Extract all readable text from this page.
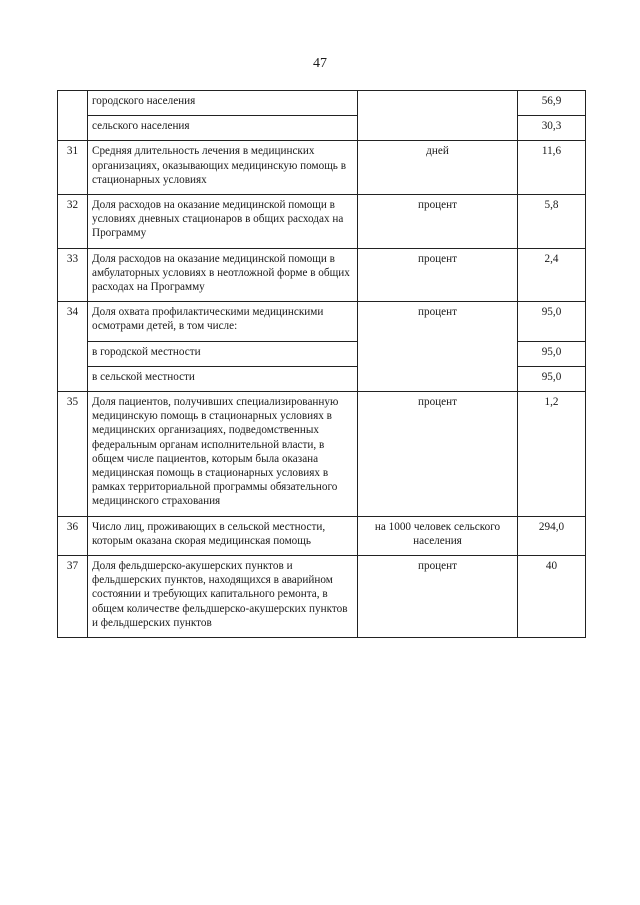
47
	городского населения		56,9
	сельского населения		30,3
31	Средняя длительность лечения в медицинских организациях, оказывающих медицинскую помощь в стационарных условиях	дней	11,6
32	Доля расходов на оказание медицинской помощи в условиях дневных стационаров в общих расходах на Программу	процент	5,8
33	Доля расходов на оказание медицинской помощи в амбулаторных условиях в неотложной форме в общих расходах на Программу	процент	2,4
34	Доля охвата профилактическими медицинскими осмотрами детей, в том числе:	процент	95,0
	в городской местности		95,0
	в сельской местности		95,0
35	Доля пациентов, получивших специализированную медицинскую помощь в стационарных условиях в медицинских организациях, подведомственных федеральным органам исполнительной власти, в общем числе пациентов, которым была оказана медицинская помощь в стационарных условиях в рамках территориальной программы обязательного медицинского страхования	процент	1,2
36	Число лиц, проживающих в сельской местности, которым оказана скорая медицинская помощь	на 1000 человек сельского населения	294,0
37	Доля фельдшерско-акушерских пунктов и фельдшерских пунктов, находящихся в аварийном состоянии и требующих капитального ремонта, в общем количестве фельдшерско-акушерских пунктов и фельдшерских пунктов	процент	40
